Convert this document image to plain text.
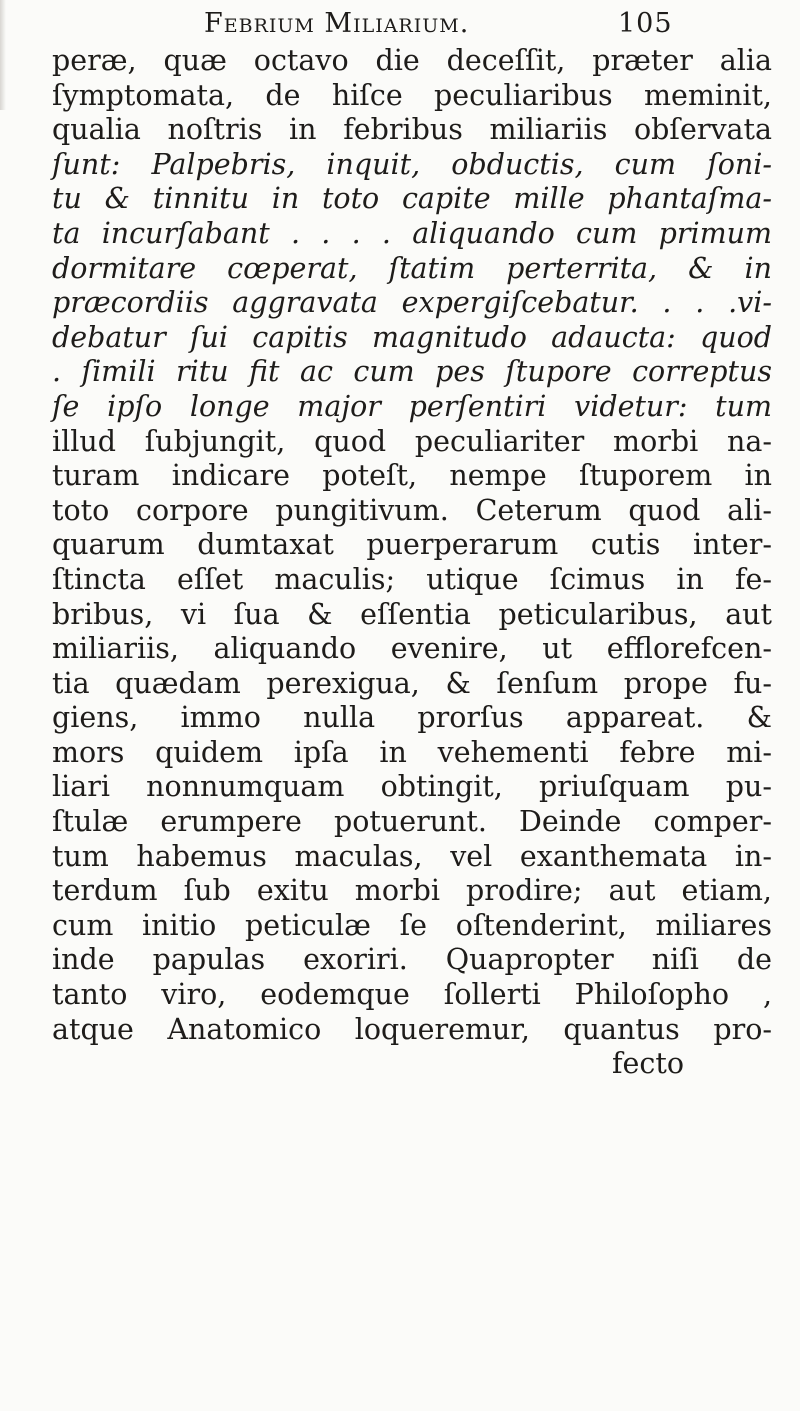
Febrium Miliarium.	105
peræ, quæ octavo die deceſſit, præter alia
ſymptomata, de hiſce peculiaribus meminit,
qualia noſtris in febribus miliariis obſervata
ſunt: Palpebris, inquit, obductis, cum ſoni-
tu & tinnitu in toto capite mille phantaſma-
ta incurſabant . . . . aliquando cum primum
dormitare cœperat, ſtatim perterrita, & in
præcordiis aggravata expergiſcebatur. . . .vi-
debatur ſui capitis magnitudo adaucta: quod
. ſimili ritu fit ac cum pes ſtupore correptus
ſe ipſo longe major perſentiri videtur: tum
illud ſubjungit, quod peculiariter morbi na-
turam indicare poteſt, nempe ſtuporem in
toto corpore pungitivum. Ceterum quod ali-
quarum dumtaxat puerperarum cutis inter-
ſtincta eſſet maculis; utique ſcimus in fe-
bribus, vi ſua & eſſentia peticularibus, aut
miliariis, aliquando evenire, ut efflorefcen-
tia quædam perexigua, & ſenſum prope fu-
giens, immo nulla prorſus appareat. &
mors quidem ipſa in vehementi febre mi-
liari nonnumquam obtingit, priuſquam pu-
ſtulæ erumpere potuerunt. Deinde comper-
tum habemus maculas, vel exanthemata in-
terdum ſub exitu morbi prodire; aut etiam,
cum initio peticulæ ſe oſtenderint, miliares
inde papulas exoriri. Quapropter niſi de
tanto viro, eodemque ſollerti Philoſopho ,
atque Anatomico loqueremur, quantus pro-
fecto
